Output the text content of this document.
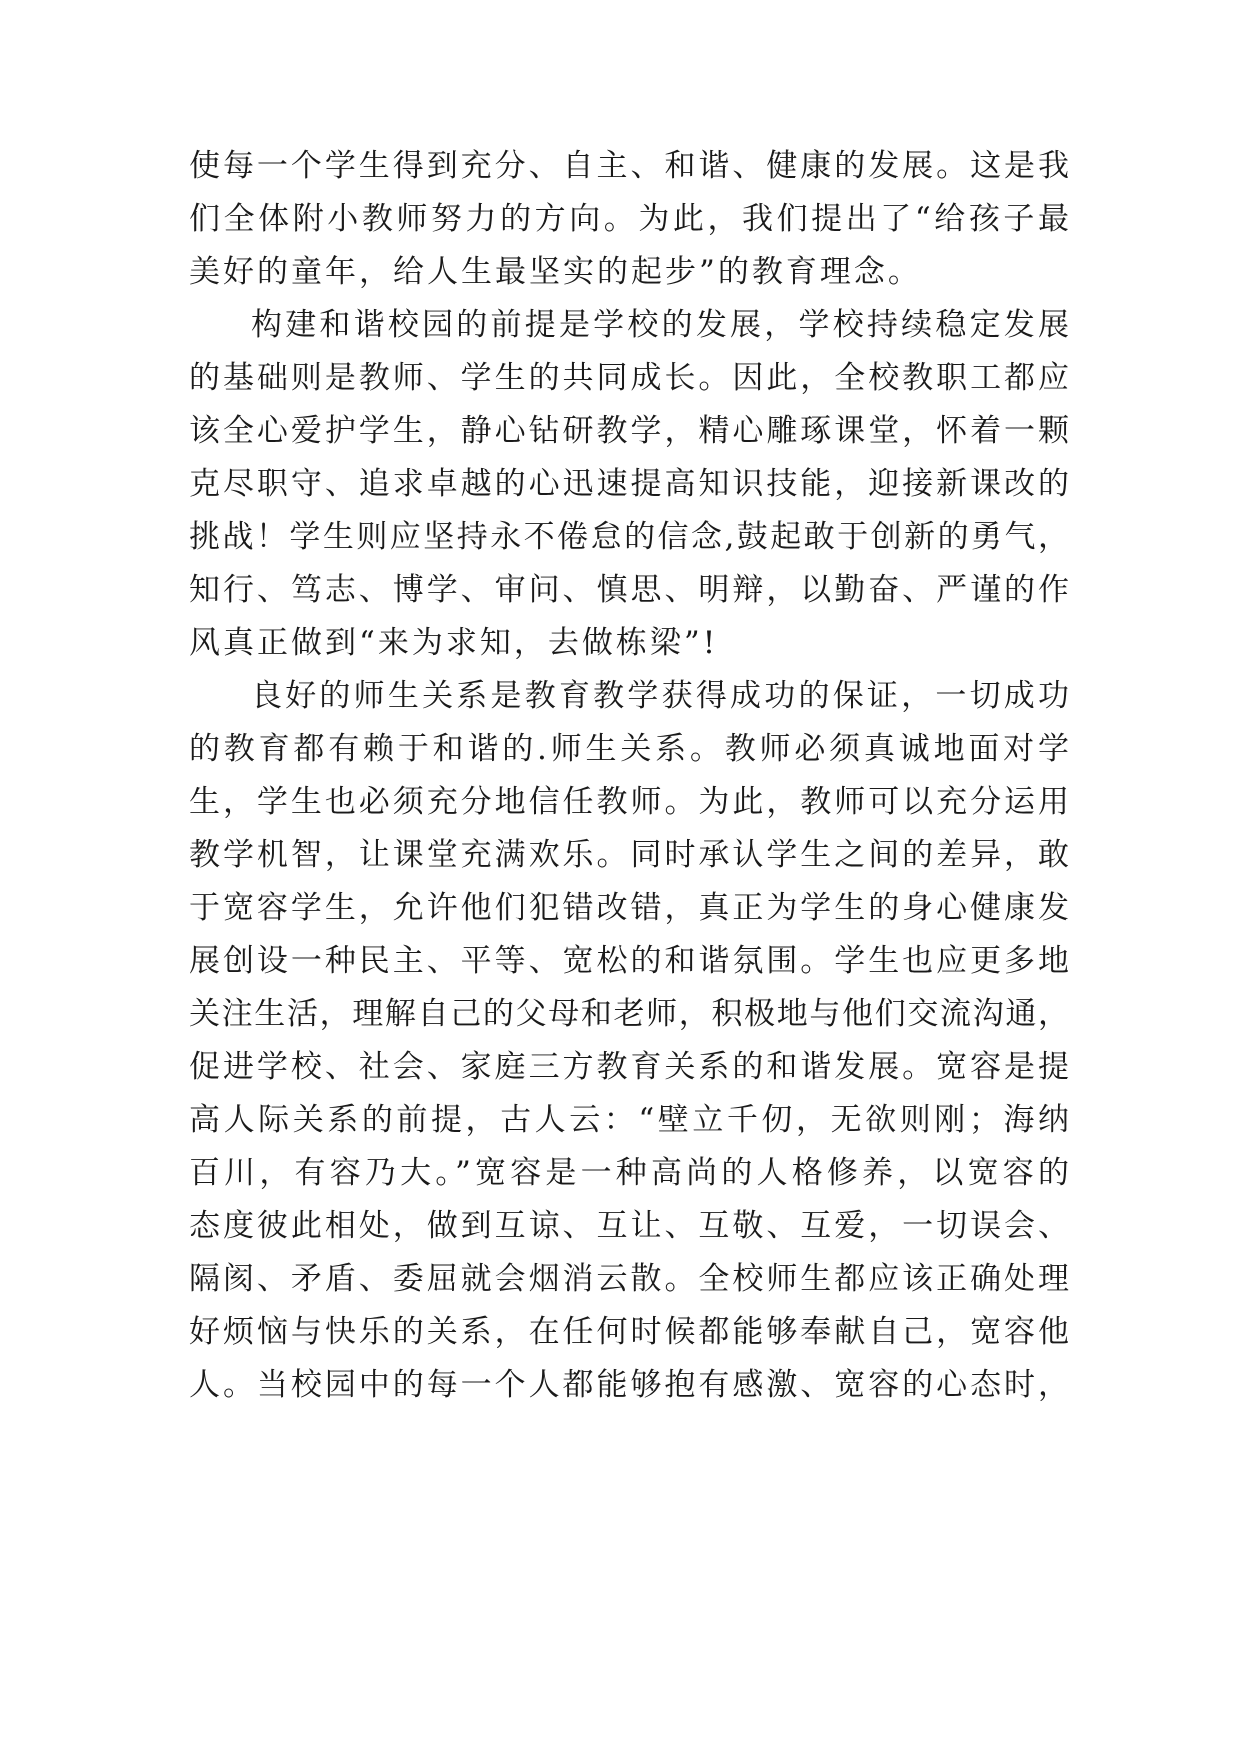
使每一个学生得到充分、自主、和谐、健康的发展。这是我
们全体附小教师努力的方向。为此，我们提出了“给孩子最
美好的童年，给人生最坚实的起步”的教育理念。
构建和谐校园的前提是学校的发展，学校持续稳定发展
的基础则是教师、学生的共同成长。因此，全校教职工都应
该全心爱护学生，静心钻研教学，精心雕琢课堂，怀着一颗
克尽职守、追求卓越的心迅速提高知识技能，迎接新课改的
挑战！学生则应坚持永不倦怠的信念,鼓起敢于创新的勇气，
知行、笃志、博学、审问、慎思、明辩，以勤奋、严谨的作
风真正做到“来为求知，去做栋梁”!
良好的师生关系是教育教学获得成功的保证，一切成功
的教育都有赖于和谐的.师生关系。教师必须真诚地面对学
生，学生也必须充分地信任教师。为此，教师可以充分运用
教学机智，让课堂充满欢乐。同时承认学生之间的差异，敢
于宽容学生，允许他们犯错改错，真正为学生的身心健康发
展创设一种民主、平等、宽松的和谐氛围。学生也应更多地
关注生活，理解自己的父母和老师，积极地与他们交流沟通，
促进学校、社会、家庭三方教育关系的和谐发展。宽容是提
高人际关系的前提，古人云：“壁立千仞，无欲则刚；海纳
百川，有容乃大。”宽容是一种高尚的人格修养，以宽容的
态度彼此相处，做到互谅、互让、互敬、互爱，一切误会、
隔阂、矛盾、委屈就会烟消云散。全校师生都应该正确处理
好烦恼与快乐的关系，在任何时候都能够奉献自己，宽容他
人。当校园中的每一个人都能够抱有感激、宽容的心态时，
